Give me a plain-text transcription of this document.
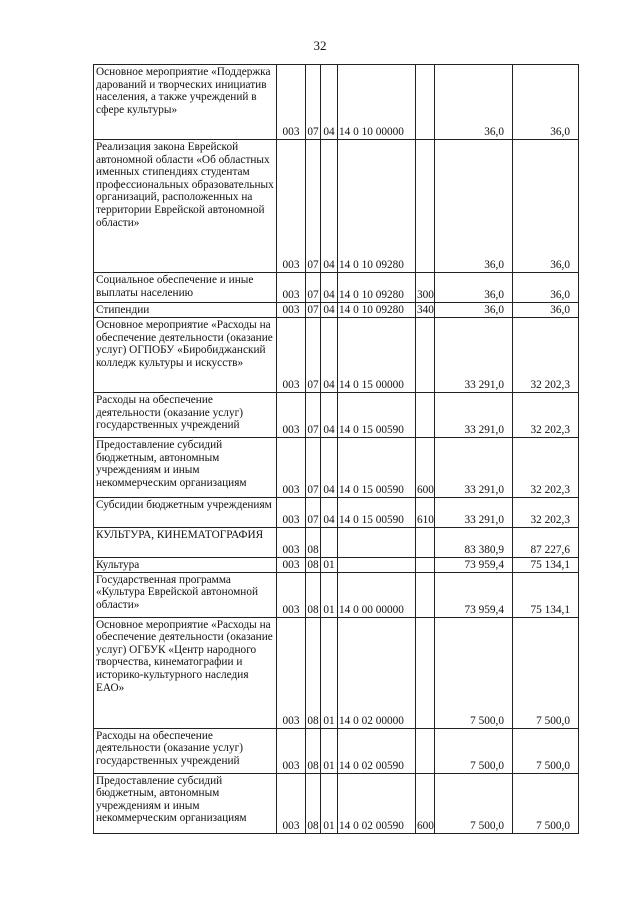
32
Основное мероприятие «Поддержка дарований и творческих инициатив населения, а также учреждений в сфере культуры»	003	07	04	14 0 10 00000		36,0	36,0
Реализация закона Еврейской автономной области «Об областных именных стипендиях студентам профессиональных образовательных организаций, расположенных на территории Еврейской автономной области»	003	07	04	14 0 10 09280		36,0	36,0
Социальное обеспечение и иные выплаты населению	003	07	04	14 0 10 09280	300	36,0	36,0
Стипендии	003	07	04	14 0 10 09280	340	36,0	36,0
Основное мероприятие «Расходы на обеспечение деятельности (оказание услуг) ОГПОБУ «Биробиджанский колледж культуры и искусств»	003	07	04	14 0 15 00000		33 291,0	32 202,3
Расходы на обеспечение деятельности (оказание услуг) государственных учреждений	003	07	04	14 0 15 00590		33 291,0	32 202,3
Предоставление субсидий бюджетным, автономным учреждениям и иным некоммерческим организациям	003	07	04	14 0 15 00590	600	33 291,0	32 202,3
Субсидии бюджетным учреждениям	003	07	04	14 0 15 00590	610	33 291,0	32 202,3
КУЛЬТУРА, КИНЕМАТОГРАФИЯ	003	08				83 380,9	87 227,6
Культура	003	08	01			73 959,4	75 134,1
Государственная программа «Культура Еврейской автономной области»	003	08	01	14 0 00 00000		73 959,4	75 134,1
Основное мероприятие «Расходы на обеспечение деятельности (оказание услуг) ОГБУК «Центр народного творчества, кинематографии и историко-культурного наследия ЕАО»	003	08	01	14 0 02 00000		7 500,0	7 500,0
Расходы на обеспечение деятельности (оказание услуг) государственных учреждений	003	08	01	14 0 02 00590		7 500,0	7 500,0
Предоставление субсидий бюджетным, автономным учреждениям и иным некоммерческим организациям	003	08	01	14 0 02 00590	600	7 500,0	7 500,0
